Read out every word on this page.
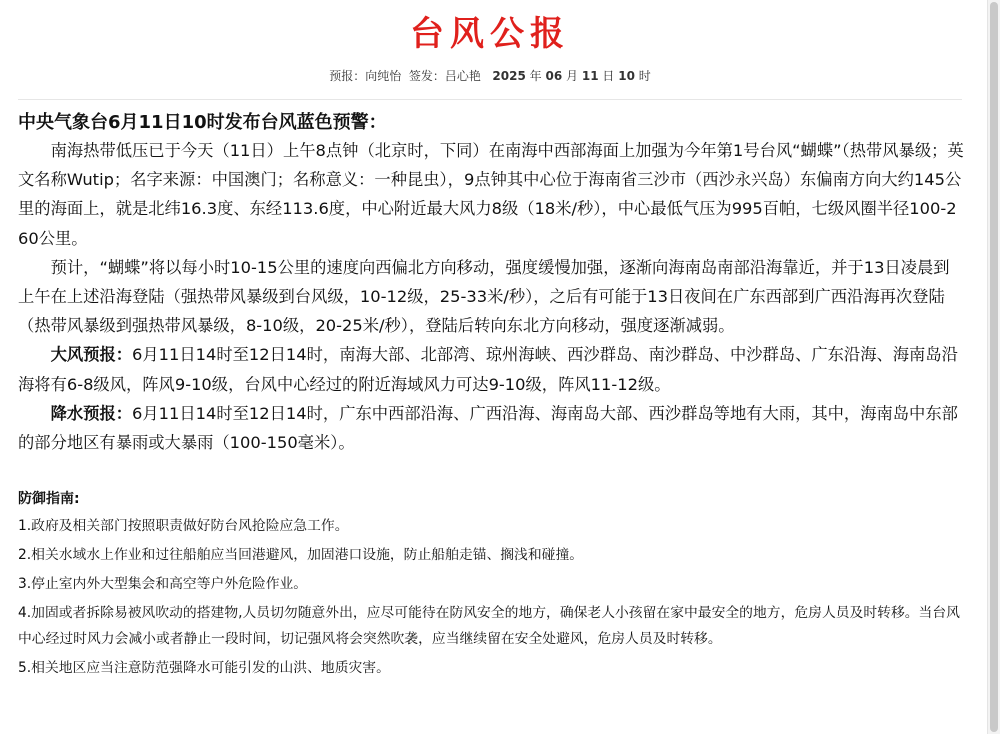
台风公报
预报：向纯怡 签发：吕心艳 2025 年 06 月 11 日 10 时
中央气象台6月11日10时发布台风蓝色预警：

南海热带低压已于今天（11日）上午8点钟（北京时，下同）在南海中西部海面上加强为今年第1号台风“蝴蝶”（热带风暴级；英文名称Wutip；名字来源：中国澳门；名称意义：一种昆虫），9点钟其中心位于海南省三沙市（西沙永兴岛）东偏南方向大约145公里的海面上，就是北纬16.3度、东经113.6度，中心附近最大风力8级（18米/秒），中心最低气压为995百帕，七级风圈半径100-260公里。

预计，“蝴蝶”将以每小时10-15公里的速度向西偏北方向移动，强度缓慢加强，逐渐向海南岛南部沿海靠近，并于13日凌晨到上午在上述沿海登陆（强热带风暴级到台风级，10-12级，25-33米/秒），之后有可能于13日夜间在广东西部到广西沿海再次登陆（热带风暴级到强热带风暴级，8-10级，20-25米/秒），登陆后转向东北方向移动，强度逐渐减弱。

大风预报：6月11日14时至12日14时，南海大部、北部湾、琼州海峡、西沙群岛、南沙群岛、中沙群岛、广东沿海、海南岛沿海将有6-8级风，阵风9-10级，台风中心经过的附近海域风力可达9-10级，阵风11-12级。

降水预报：6月11日14时至12日14时，广东中西部沿海、广西沿海、海南岛大部、西沙群岛等地有大雨，其中，海南岛中东部的部分地区有暴雨或大暴雨（100-150毫米）。

防御指南:
1.政府及相关部门按照职责做好防台风抢险应急工作。
2.相关水域水上作业和过往船舶应当回港避风，加固港口设施，防止船舶走锚、搁浅和碰撞。
3.停止室内外大型集会和高空等户外危险作业。
4.加固或者拆除易被风吹动的搭建物,人员切勿随意外出，应尽可能待在防风安全的地方，确保老人小孩留在家中最安全的地方，危房人员及时转移。当台风中心经过时风力会减小或者静止一段时间，切记强风将会突然吹袭，应当继续留在安全处避风，危房人员及时转移。
5.相关地区应当注意防范强降水可能引发的山洪、地质灾害。
